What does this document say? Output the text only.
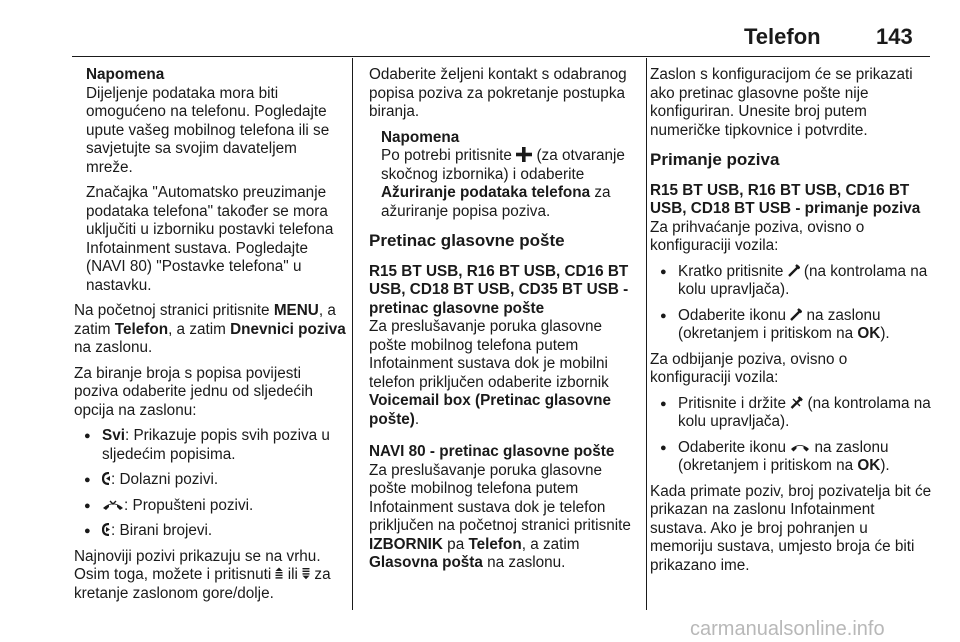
Telefon	143

Napomena

Dijeljenje podataka mora biti omogućeno na telefonu. Pogledajte upute vašeg mobilnog telefona ili se savjetujte sa svojim davateljem mreže.

Značajka "Automatsko preuzimanje podataka telefona" također se mora uključiti u izborniku postavki telefona Infotainment sustava. Pogledajte (NAVI 80) "Postavke telefona" u nastavku.

Na početnoj stranici pritisnite MENU, a zatim Telefon, a zatim Dnevnici poziva na zaslonu.

Za biranje broja s popisa povijesti poziva odaberite jednu od sljedećih opcija na zaslonu:

● Svi: Prikazuje popis svih poziva u sljedećim popisima.
● : Dolazni pozivi.
● : Propušteni pozivi.
● : Birani brojevi.

Najnoviji pozivi prikazuju se na vrhu. Osim toga, možete i pritisnuti  ili  za kretanje zaslonom gore/dolje.

Odaberite željeni kontakt s odabranog popisa poziva za pokretanje postupka biranja.

Napomena

Po potrebi pritisnite  (za otvaranje skočnog izbornika) i odaberite Ažuriranje podataka telefona za ažuriranje popisa poziva.

Pretinac glasovne pošte
R15 BT USB, R16 BT USB, CD16 BT USB, CD18 BT USB, CD35 BT USB - pretinac glasovne pošte

Za preslušavanje poruka glasovne pošte mobilnog telefona putem Infotainment sustava dok je mobilni telefon priključen odaberite izbornik Voicemail box (Pretinac glasovne pošte).

NAVI 80 - pretinac glasovne pošte

Za preslušavanje poruka glasovne pošte mobilnog telefona putem Infotainment sustava dok je telefon priključen na početnoj stranici pritisnite IZBORNIK pa Telefon, a zatim Glasovna pošta na zaslonu.

Zaslon s konfiguracijom će se prikazati ako pretinac glasovne pošte nije konfiguriran. Unesite broj putem numeričke tipkovnice i potvrdite.

Primanje poziva
R15 BT USB, R16 BT USB, CD16 BT USB, CD18 BT USB - primanje poziva

Za prihvaćanje poziva, ovisno o konfiguraciji vozila:

● Kratko pritisnite  (na kontrolama na kolu upravljača).
● Odaberite ikonu  na zaslonu (okretanjem i pritiskom na OK).

Za odbijanje poziva, ovisno o konfiguraciji vozila:

● Pritisnite i držite  (na kontrolama na kolu upravljača).
● Odaberite ikonu  na zaslonu (okretanjem i pritiskom na OK).

Kada primate poziv, broj pozivatelja bit će prikazan na zaslonu Infotainment sustava. Ako je broj pohranjen u memoriju sustava, umjesto broja će biti prikazano ime.

carmanualsonline.info
